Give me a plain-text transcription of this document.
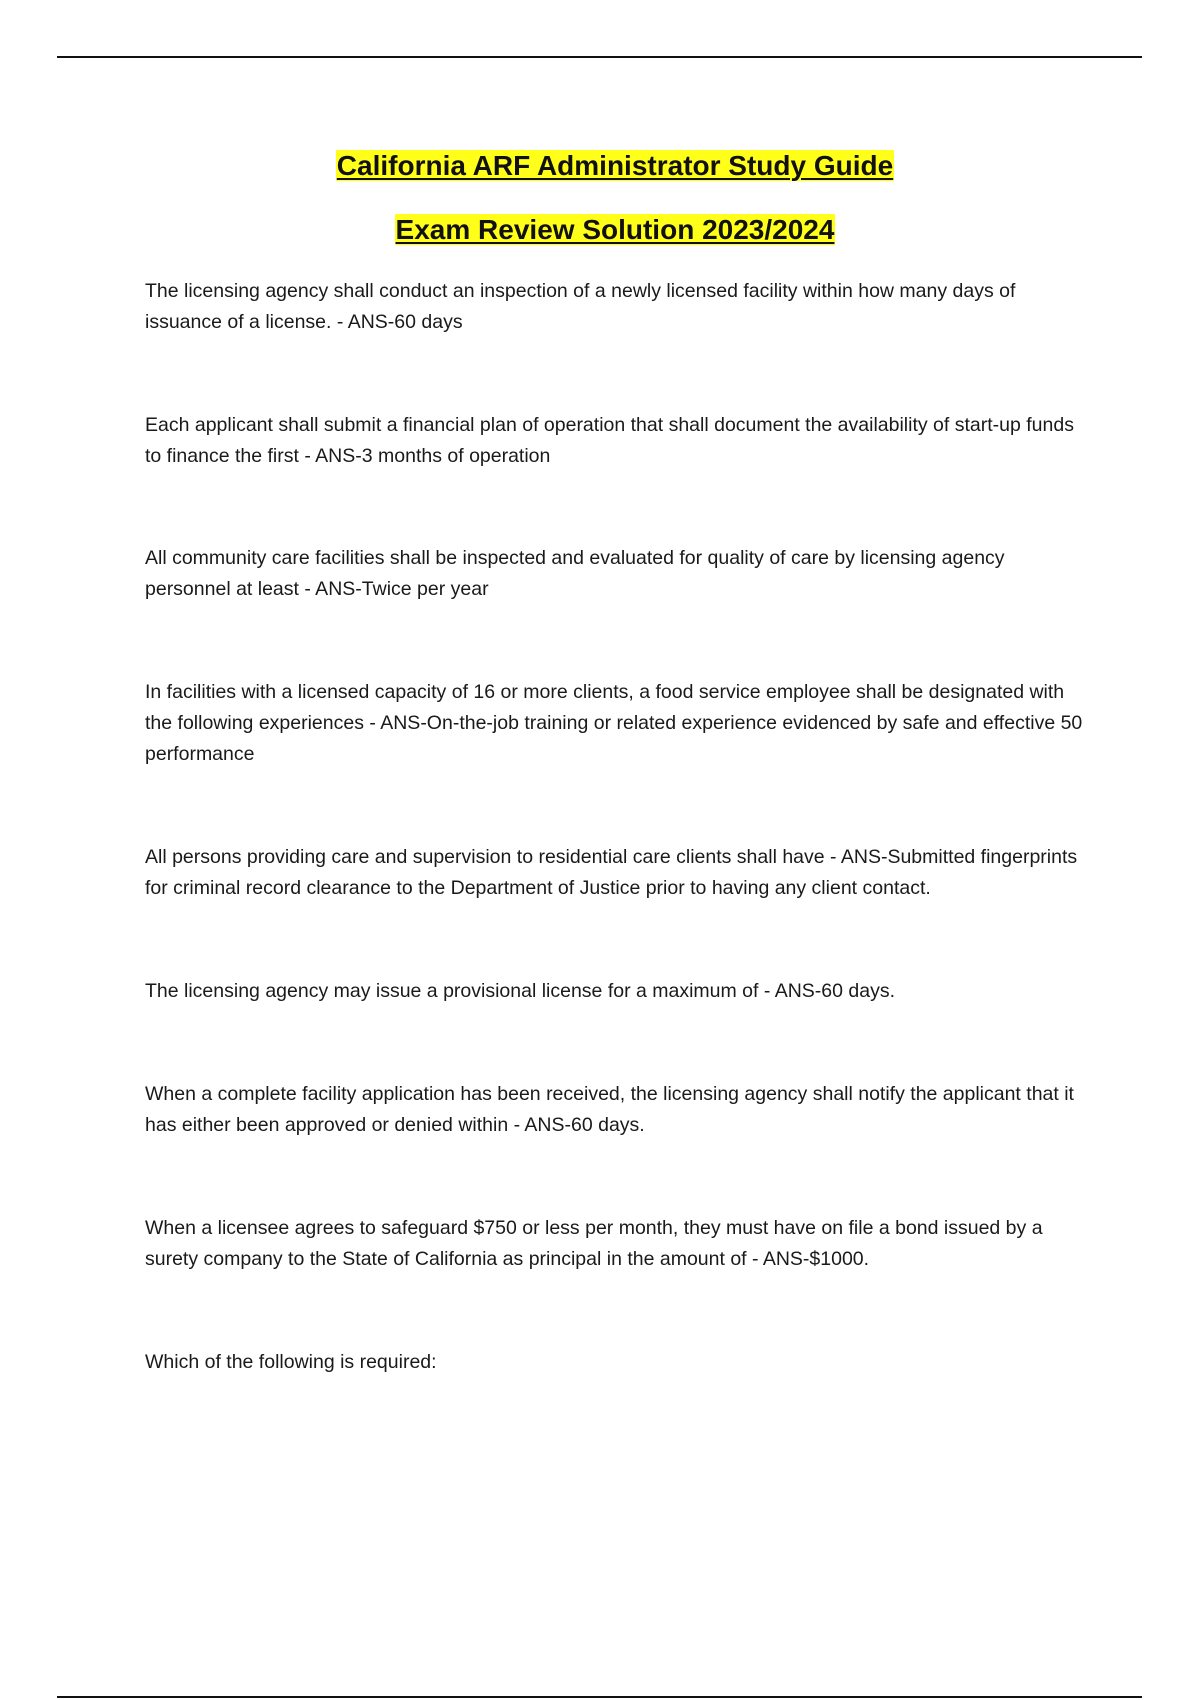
California ARF Administrator Study Guide
Exam Review Solution 2023/2024

The licensing agency shall conduct an inspection of a newly licensed facility within how many days of issuance of a license. - ANS-60 days

Each applicant shall submit a financial plan of operation that shall document the availability of start-up funds to finance the first - ANS-3 months of operation

All community care facilities shall be inspected and evaluated for quality of care by licensing agency personnel at least - ANS-Twice per year

In facilities with a licensed capacity of 16 or more clients, a food service employee shall be designated with the following experiences - ANS-On-the-job training or related experience evidenced by safe and effective 50 performance

All persons providing care and supervision to residential care clients shall have - ANS-Submitted fingerprints for criminal record clearance to the Department of Justice prior to having any client contact.

The licensing agency may issue a provisional license for a maximum of - ANS-60 days.

When a complete facility application has been received, the licensing agency shall notify the applicant that it has either been approved or denied within - ANS-60 days.

When a licensee agrees to safeguard $750 or less per month, they must have on file a bond issued by a surety company to the State of California as principal in the amount of - ANS-$1000.

Which of the following is required:
